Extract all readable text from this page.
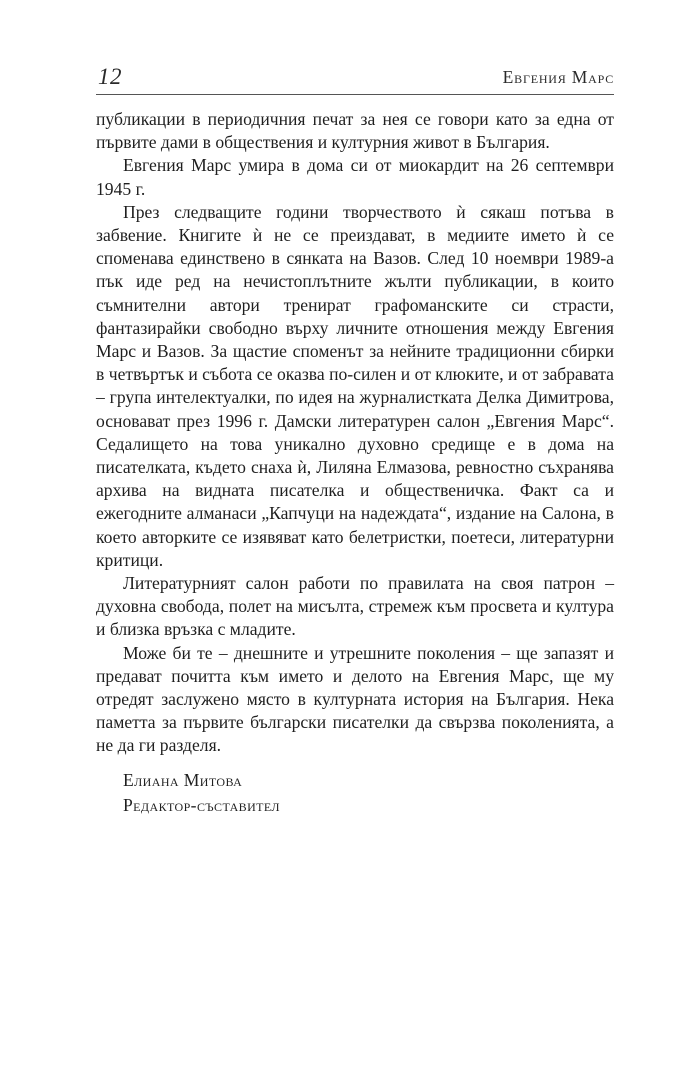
12	Евгения Марс

публикации в периодичния печат за нея се говори като за една от първите дами в обществения и културния живот в България.

Евгения Марс умира в дома си от миокардит на 26 септември 1945 г.

През следващите години творчеството ѝ сякаш потъва в забвение. Книгите ѝ не се преиздават, в медиите името ѝ се споменава единствено в сянката на Вазов. След 10 ноември 1989-а пък иде ред на нечистоплътните жълти публикации, в които съмнителни автори тренират графоманските си страсти, фантазирайки свободно върху личните отношения между Евгения Марс и Вазов. За щастие споменът за нейните традиционни сбирки в четвъртък и събота се оказва по-силен и от клюките, и от забравата – група интелектуалки, по идея на журналистката Делка Димитрова, основават през 1996 г. Дамски литературен салон „Евгения Марс“. Седалището на това уникално духовно средище е в дома на писателката, където снаха ѝ, Лиляна Елмазова, ревностно съхранява архива на видната писателка и общественичка. Факт са и ежегодните алманаси „Капчуци на надеждата“, издание на Салона, в което авторките се изявяват като белетристки, поетеси, литературни критици.

Литературният салон работи по правилата на своя патрон – духовна свобода, полет на мисълта, стремеж към просвета и култура и близка връзка с младите.

Може би те – днешните и утрешните поколения – ще запазят и предават почитта към името и делото на Евгения Марс, ще му отредят заслужено място в културната история на България. Нека паметта за първите български писателки да свързва поколенията, а не да ги разделя.

Елиана Митова
Редактор-съставител
